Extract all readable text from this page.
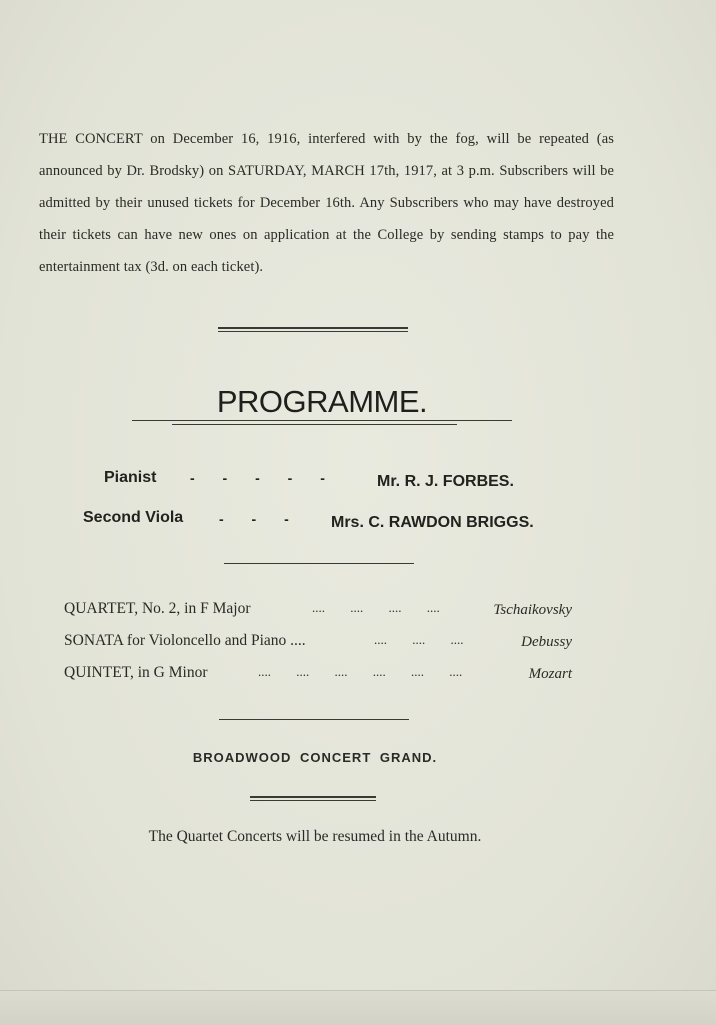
THE CONCERT on December 16, 1916, interfered with by the fog, will be repeated (as announced by Dr. Brodsky) on SATURDAY, MARCH 17th, 1917, at 3 p.m. Subscribers will be admitted by their unused tickets for December 16th. Any Subscribers who may have destroyed their tickets can have new ones on application at the College by sending stamps to pay the entertainment tax (3d. on each ticket).

PROGRAMME.
Pianist - - - - -	Mr. R. J. FORBES.
Second Viola	- - -	Mrs. C. RAWDON BRIGGS.
QUARTET, No. 2, in F Major	.... .... .... ....	Tschaikovsky
SONATA for Violoncello and Piano ....	.... .... ....	Debussy
QUINTET, in G Minor	.... .... .... .... .... ....	Mozart
BROADWOOD CONCERT GRAND.
The Quartet Concerts will be resumed in the Autumn.
